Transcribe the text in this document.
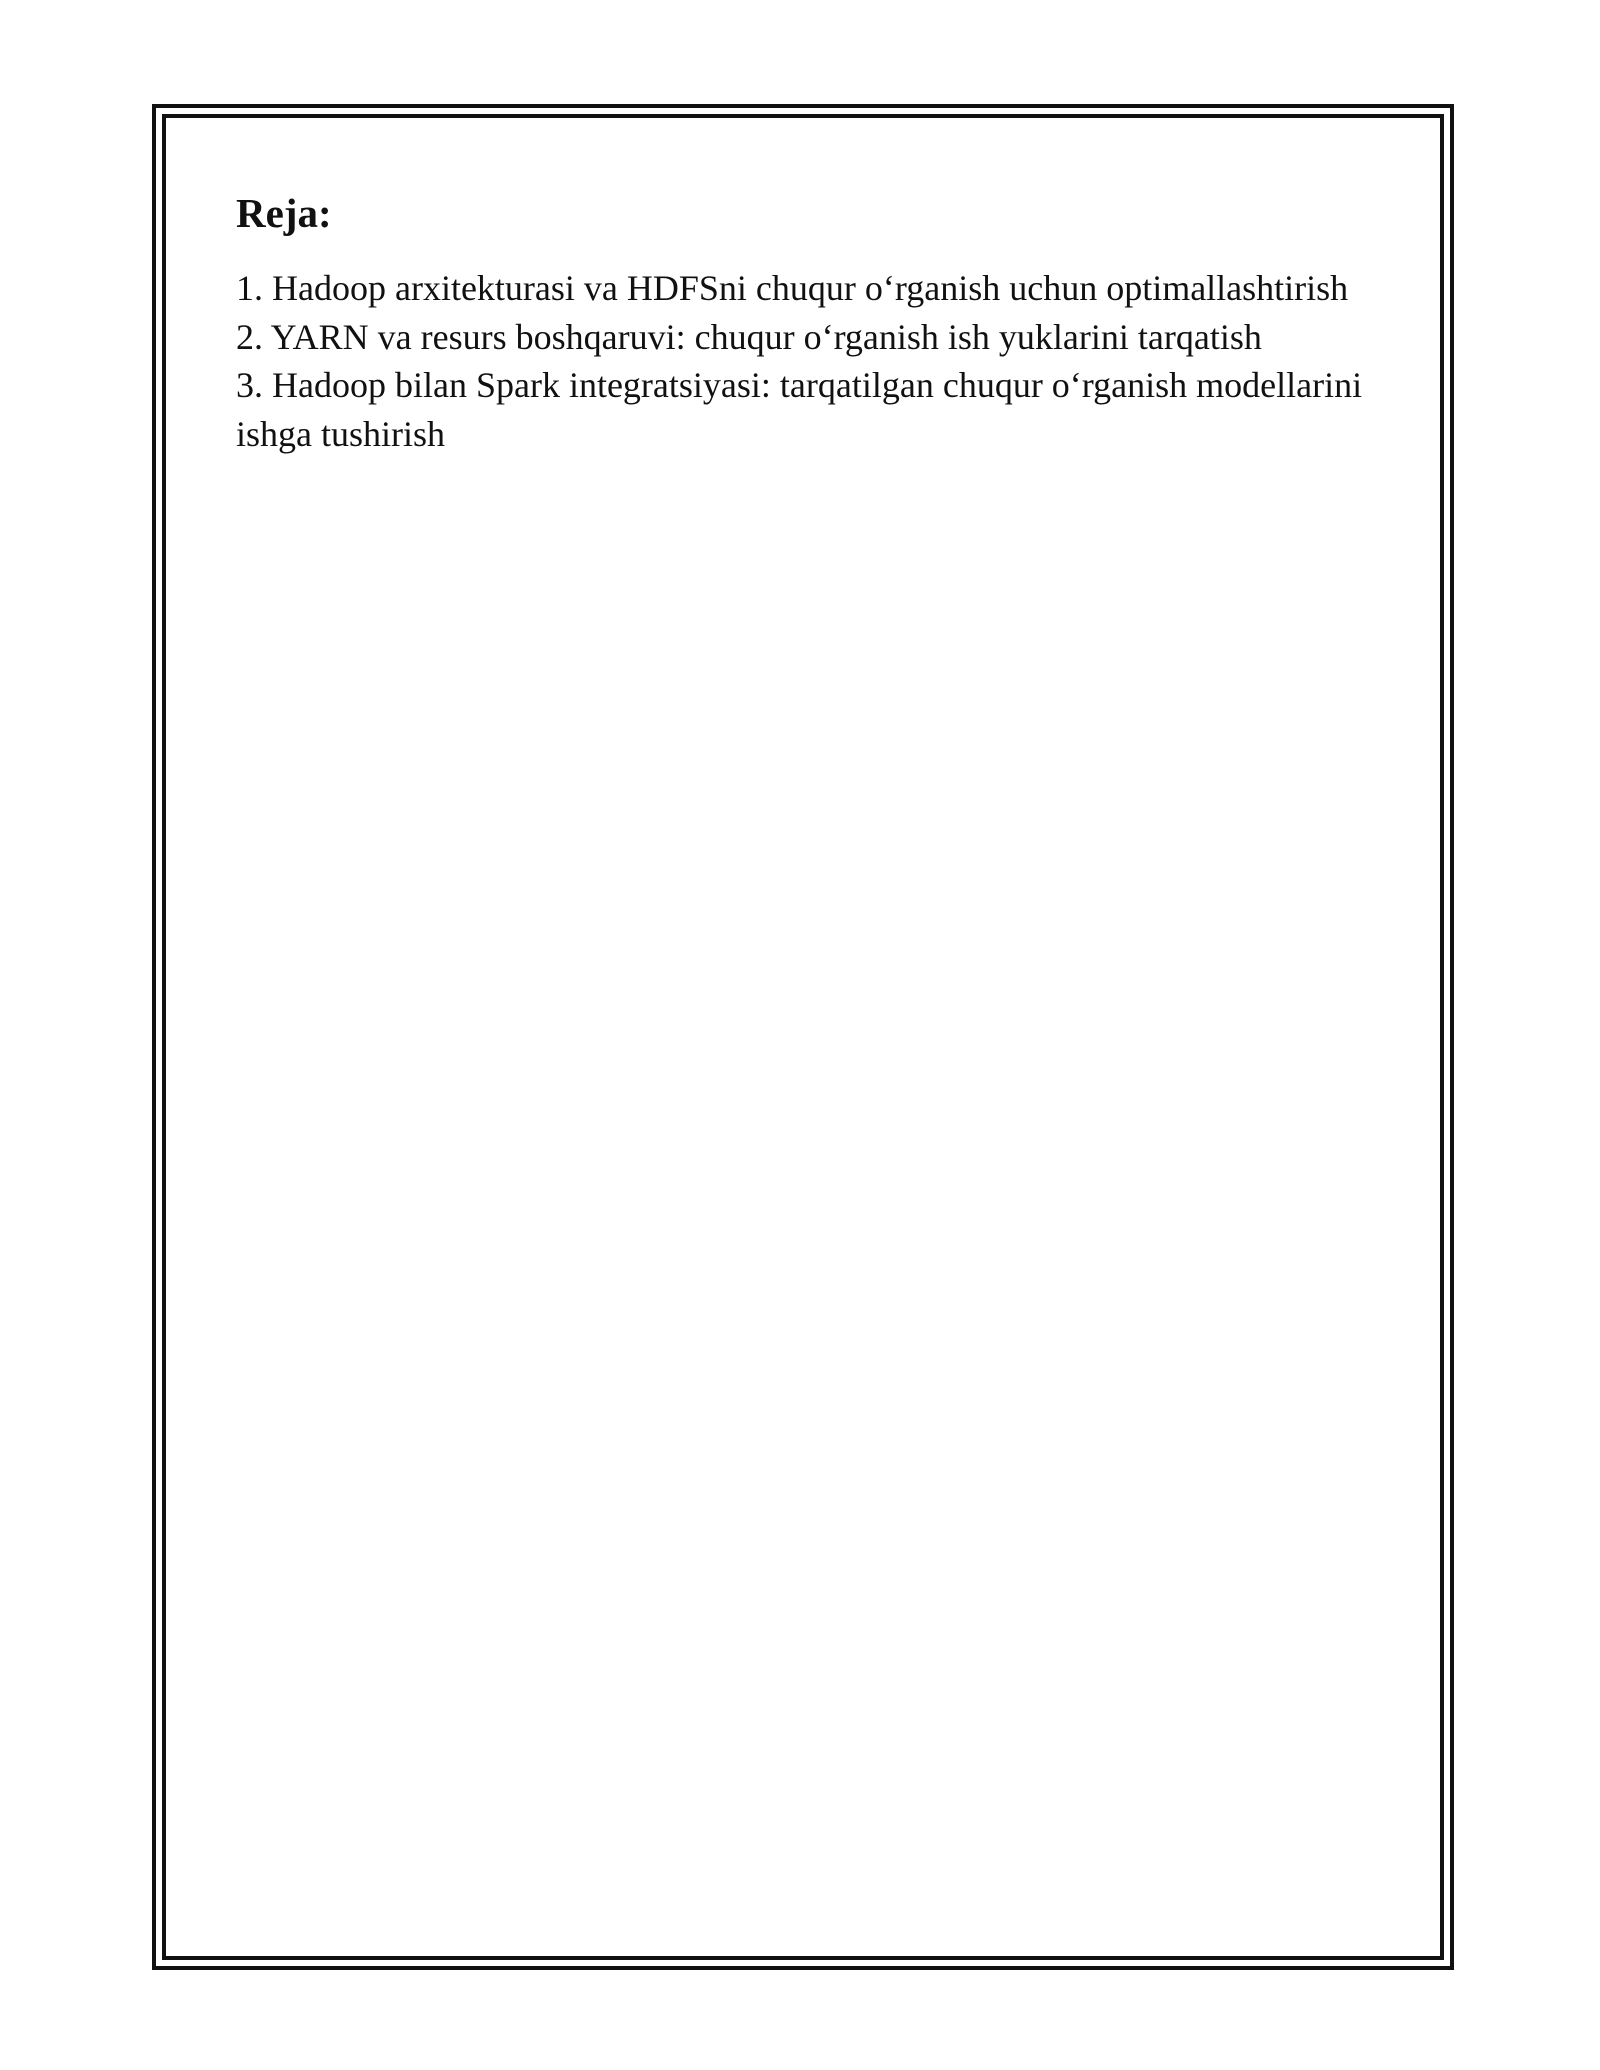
Reja:
1. Hadoop arxitekturasi va HDFSni chuqur o‘rganish uchun optimallashtirish
2. YARN va resurs boshqaruvi: chuqur o‘rganish ish yuklarini tarqatish
3. Hadoop bilan Spark integratsiyasi: tarqatilgan chuqur o‘rganish modellarini ishga tushirish
